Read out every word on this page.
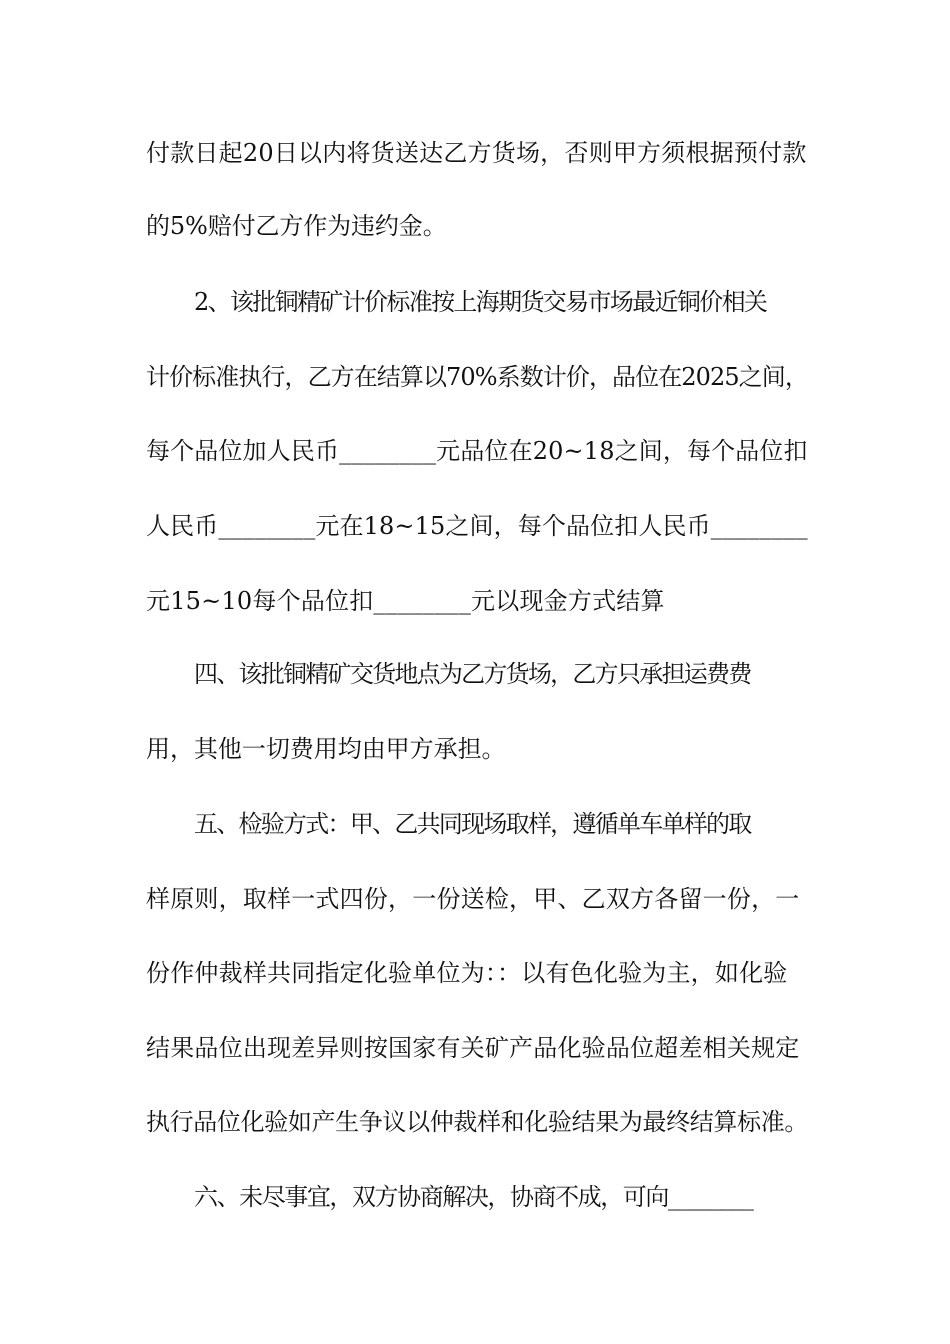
付款日起20日以内将货送达乙方货场，否则甲方须根据预付款
的5%赔付乙方作为违约金。
2、该批铜精矿计价标准按上海期货交易市场最近铜价相关
计价标准执行，乙方在结算以70%系数计价，品位在2025之间，
每个品位加人民币________元品位在20~18之间，每个品位扣
人民币________元在18~15之间，每个品位扣人民币________
元15~10每个品位扣________元以现金方式结算
四、该批铜精矿交货地点为乙方货场，乙方只承担运费费
用，其他一切费用均由甲方承担。
五、检验方式：甲、乙共同现场取样，遵循单车单样的取
样原则，取样一式四份，一份送检，甲、乙双方各留一份，一
份作仲裁样共同指定化验单位为：：以有色化验为主，如化验
结果品位出现差异则按国家有关矿产品化验品位超差相关规定
执行品位化验如产生争议以仲裁样和化验结果为最终结算标准。
六、未尽事宜，双方协商解决，协商不成，可向________
